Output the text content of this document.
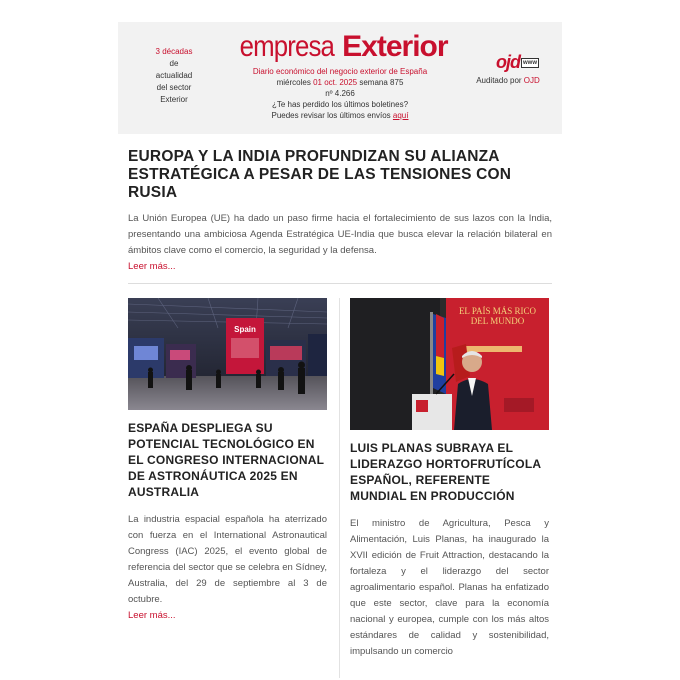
3 décadas
de
actualidad
del sector
Exterior
empresa Exterior
Diario económico del negocio exterior de España
miércoles 01 oct. 2025 semana 875
nº 4.266
¿Te has perdido los últimos boletines?
Puedes revisar los últimos envíos aquí
ojd www
Auditado por OJD
EUROPA Y LA INDIA PROFUNDIZAN SU ALIANZA ESTRATÉGICA A PESAR DE LAS TENSIONES CON RUSIA
La Unión Europea (UE) ha dado un paso firme hacia el fortalecimiento de sus lazos con la India, presentando una ambiciosa Agenda Estratégica UE-India que busca elevar la relación bilateral en ámbitos clave como el comercio, la seguridad y la defensa.
Leer más...
Spain
ESPAÑA DESPLIEGA SU POTENCIAL TECNOLÓGICO EN EL CONGRESO INTERNACIONAL DE ASTRONÁUTICA 2025 EN AUSTRALIA
La industria espacial española ha aterrizado con fuerza en el International Astronautical Congress (IAC) 2025, el evento global de referencia del sector que se celebra en Sídney, Australia, del 29 de septiembre al 3 de octubre.
Leer más...
EL PAÍS MÁS RICO DEL MUNDO
LUIS PLANAS SUBRAYA EL LIDERAZGO HORTOFRUTÍCOLA ESPAÑOL, REFERENTE MUNDIAL EN PRODUCCIÓN
El ministro de Agricultura, Pesca y Alimentación, Luis Planas, ha inaugurado la XVII edición de Fruit Attraction, destacando la fortaleza y el liderazgo del sector agroalimentario español. Planas ha enfatizado que este sector, clave para la economía nacional y europea, cumple con los más altos estándares de calidad y sostenibilidad, impulsando un comercio
